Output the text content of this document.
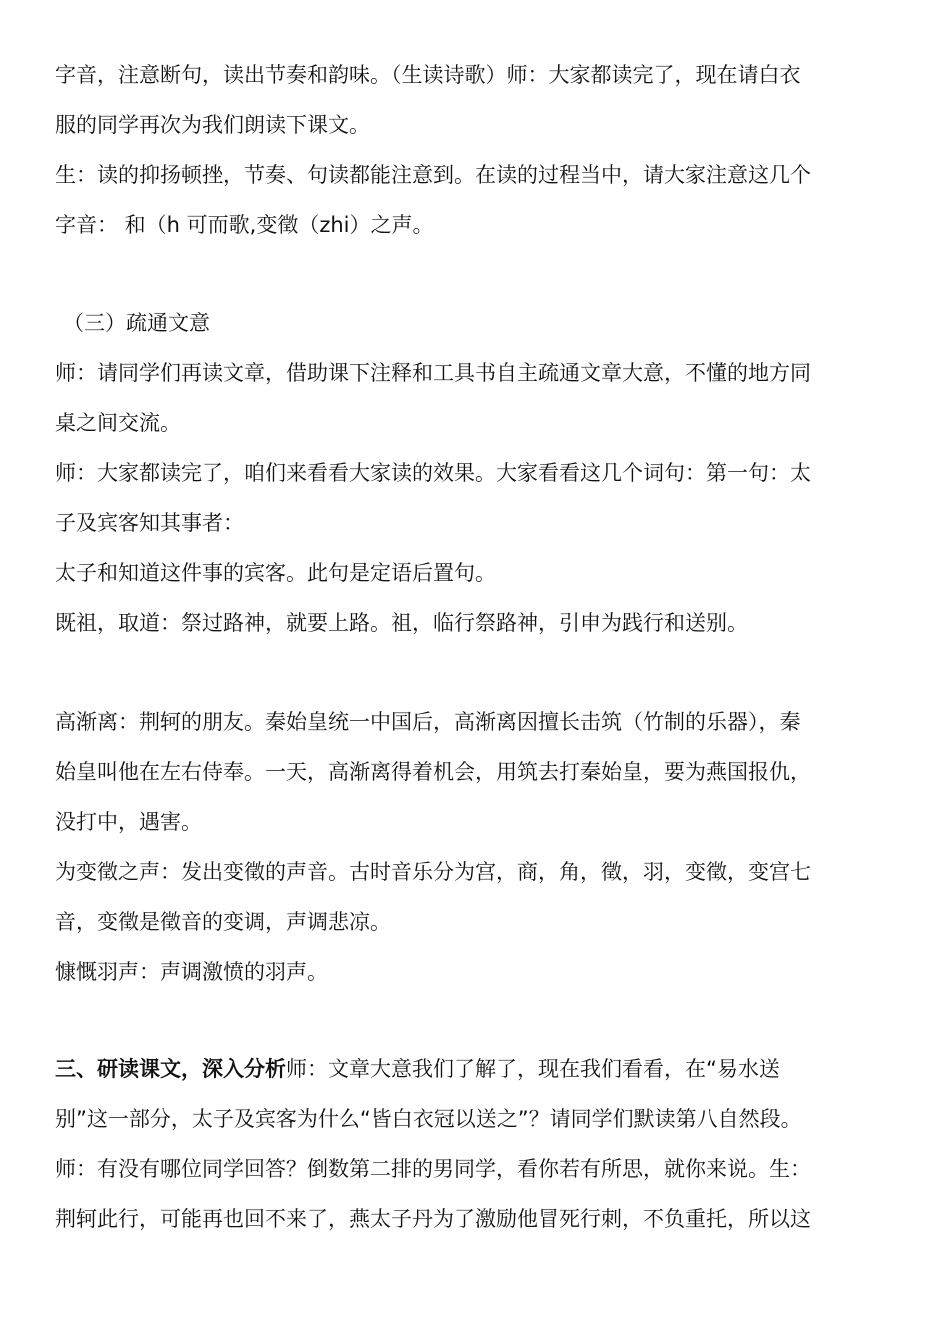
字音，注意断句，读出节奏和韵味。（生读诗歌）师：大家都读完了，现在请白衣
服的同学再次为我们朗读下课文。
生：读的抑扬顿挫，节奏、句读都能注意到。在读的过程当中，请大家注意这几个
字音： 和（h 可而歌,变徵（zhi）之声。
（三）疏通文意
师：请同学们再读文章，借助课下注释和工具书自主疏通文章大意，不懂的地方同
桌之间交流。
师：大家都读完了，咱们来看看大家读的效果。大家看看这几个词句：第一句：太
子及宾客知其事者：
太子和知道这件事的宾客。此句是定语后置句。
既祖，取道：祭过路神，就要上路。祖，临行祭路神，引申为践行和送别。
高渐离：荆轲的朋友。秦始皇统一中国后，高渐离因擅长击筑（竹制的乐器），秦
始皇叫他在左右侍奉。一天，高渐离得着机会，用筑去打秦始皇，要为燕国报仇，
没打中，遇害。
为变徵之声：发出变徵的声音。古时音乐分为宫，商，角，徵，羽，变徵，变宫七
音，变徵是徵音的变调，声调悲凉。
慷慨羽声：声调激愤的羽声。
三、研读课文，深入分析师：文章大意我们了解了，现在我们看看，在“易水送
别”这一部分，太子及宾客为什么“皆白衣冠以送之”？请同学们默读第八自然段。
师：有没有哪位同学回答？倒数第二排的男同学，看你若有所思，就你来说。生：
荆轲此行，可能再也回不来了，燕太子丹为了激励他冒死行刺，不负重托，所以这
